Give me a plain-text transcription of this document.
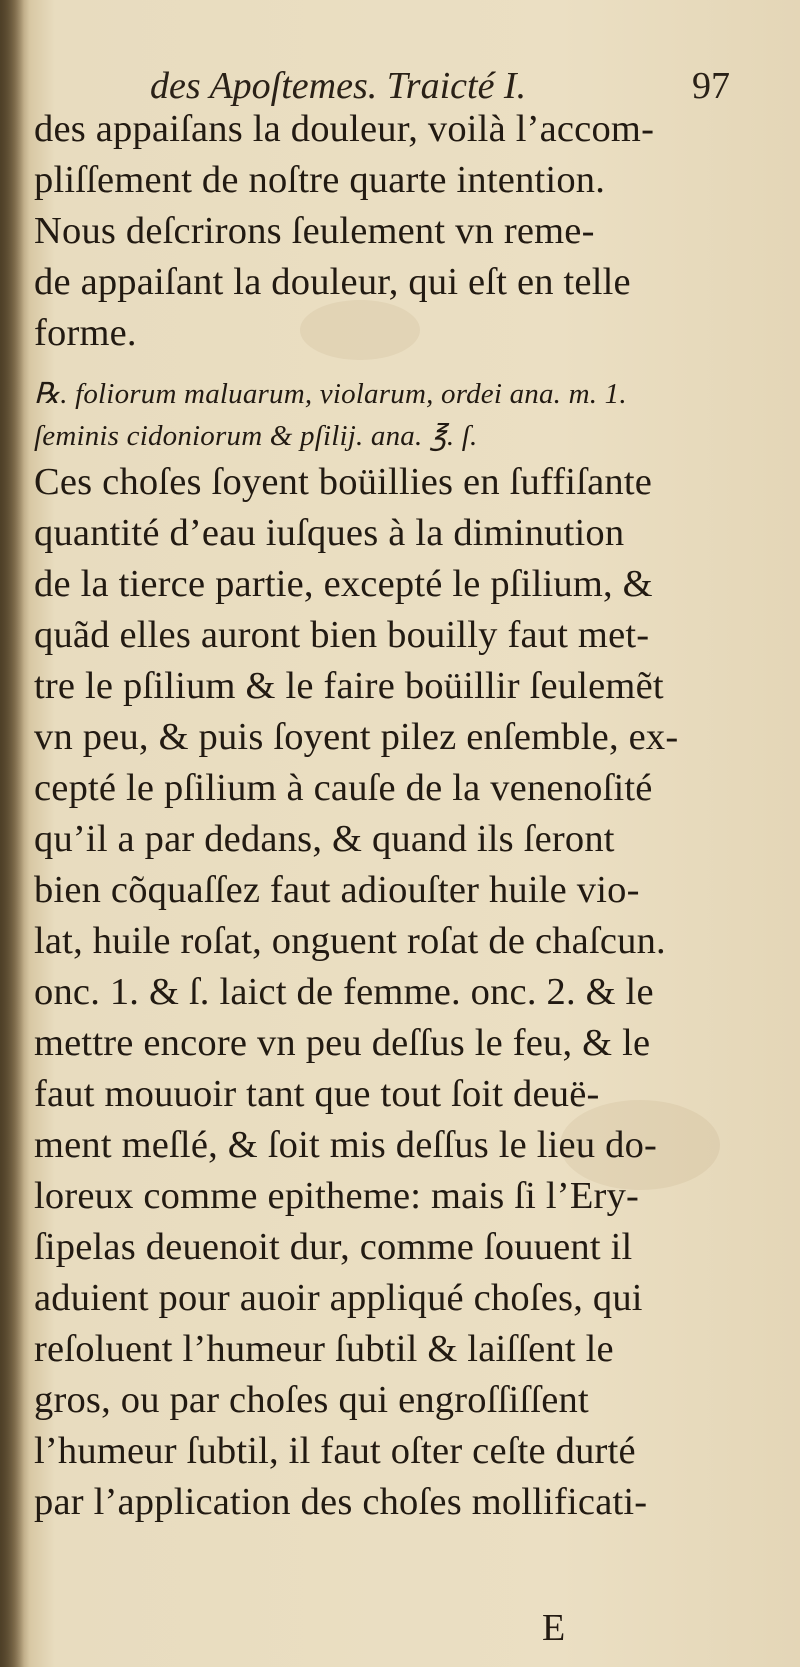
des Apoſtemes. Traicté I.	97
des appaiſans la douleur, voilà l’accom-
pliſſement de noſtre quarte intention.
Nous deſcrirons ſeulement vn reme-
de appaiſant la douleur, qui eſt en telle
forme.
℞. foliorum maluarum, violarum, ordei ana. m. 1.
ſeminis cidoniorum & pſilij. ana. ℥. ſ.
Ces choſes ſoyent boüillies en ſuffiſante
quantité d’eau iuſques à la diminution
de la tierce partie, excepté le pſilium, &
quãd elles auront bien bouilly faut met-
tre le pſilium & le faire boüillir ſeulemẽt
vn peu, & puis ſoyent pilez enſemble, ex-
cepté le pſilium à cauſe de la venenoſité
qu’il a par dedans, & quand ils ſeront
bien cõquaſſez faut adiouſter huile vio-
lat, huile roſat, onguent roſat de chaſcun.
onc. 1. & ſ. laict de femme. onc. 2. & le
mettre encore vn peu deſſus le feu, & le
faut mouuoir tant que tout ſoit deuë-
ment meſlé, & ſoit mis deſſus le lieu do-
loreux comme epitheme: mais ſi l’Ery-
ſipelas deuenoit dur, comme ſouuent il
aduient pour auoir appliqué choſes, qui
reſoluent l’humeur ſubtil & laiſſent le
gros, ou par choſes qui engroſſiſſent
l’humeur ſubtil, il faut oſter ceſte durté
par l’application des choſes mollificati-
E
